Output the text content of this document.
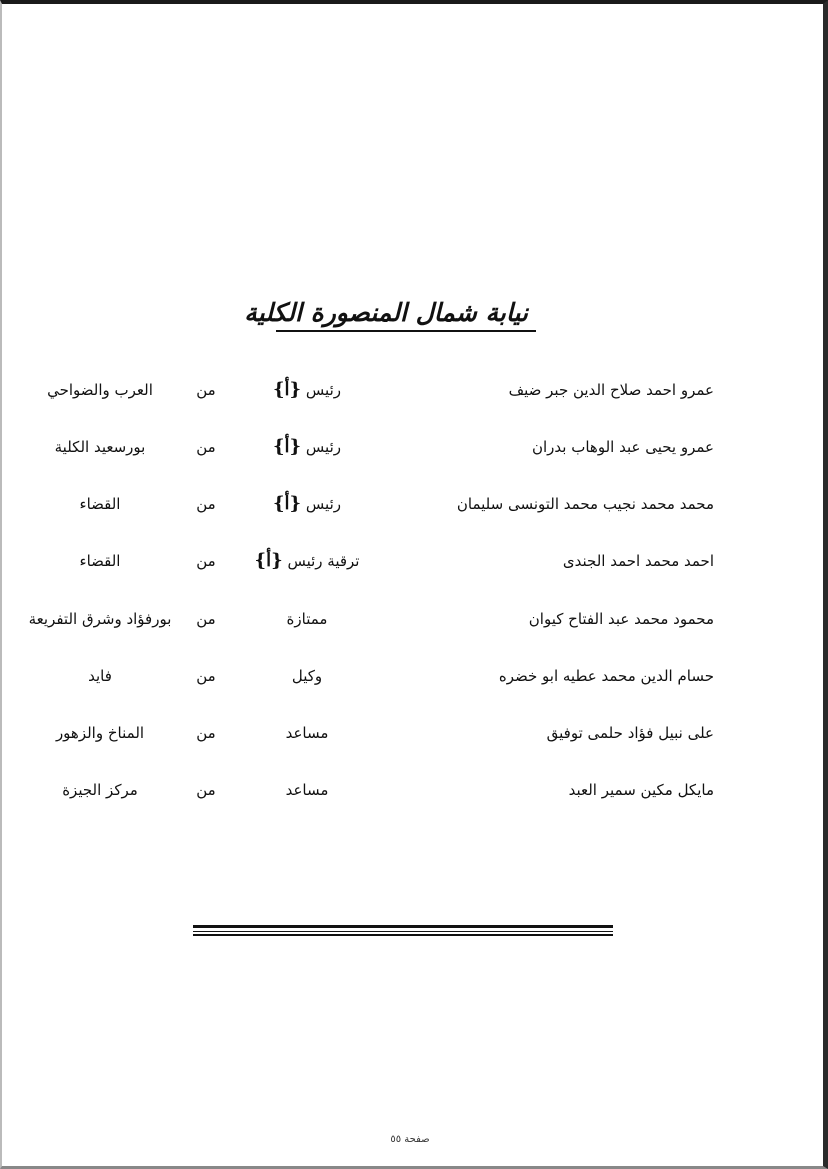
نيابة شمال المنصورة الكلية
عمرو احمد صلاح الدين جبر ضيف
رئيس {أ}
من
العرب والضواحي
عمرو يحيى عبد الوهاب بدران
رئيس {أ}
من
بورسعيد الكلية
محمد محمد نجيب محمد التونسى سليمان
رئيس {أ}
من
القضاء
احمد محمد احمد الجندى
ترقية رئيس {أ}
من
القضاء
محمود محمد عبد الفتاح كيوان
ممتازة
من
بورفؤاد وشرق التفريعة
حسام الدين محمد عطيه ابو خضره
وكيل
من
فايد
على نبيل فؤاد حلمى توفيق
مساعد
من
المناخ والزهور
مايكل مكين سمير العبد
مساعد
من
مركز الجيزة
صفحة ٥٥
